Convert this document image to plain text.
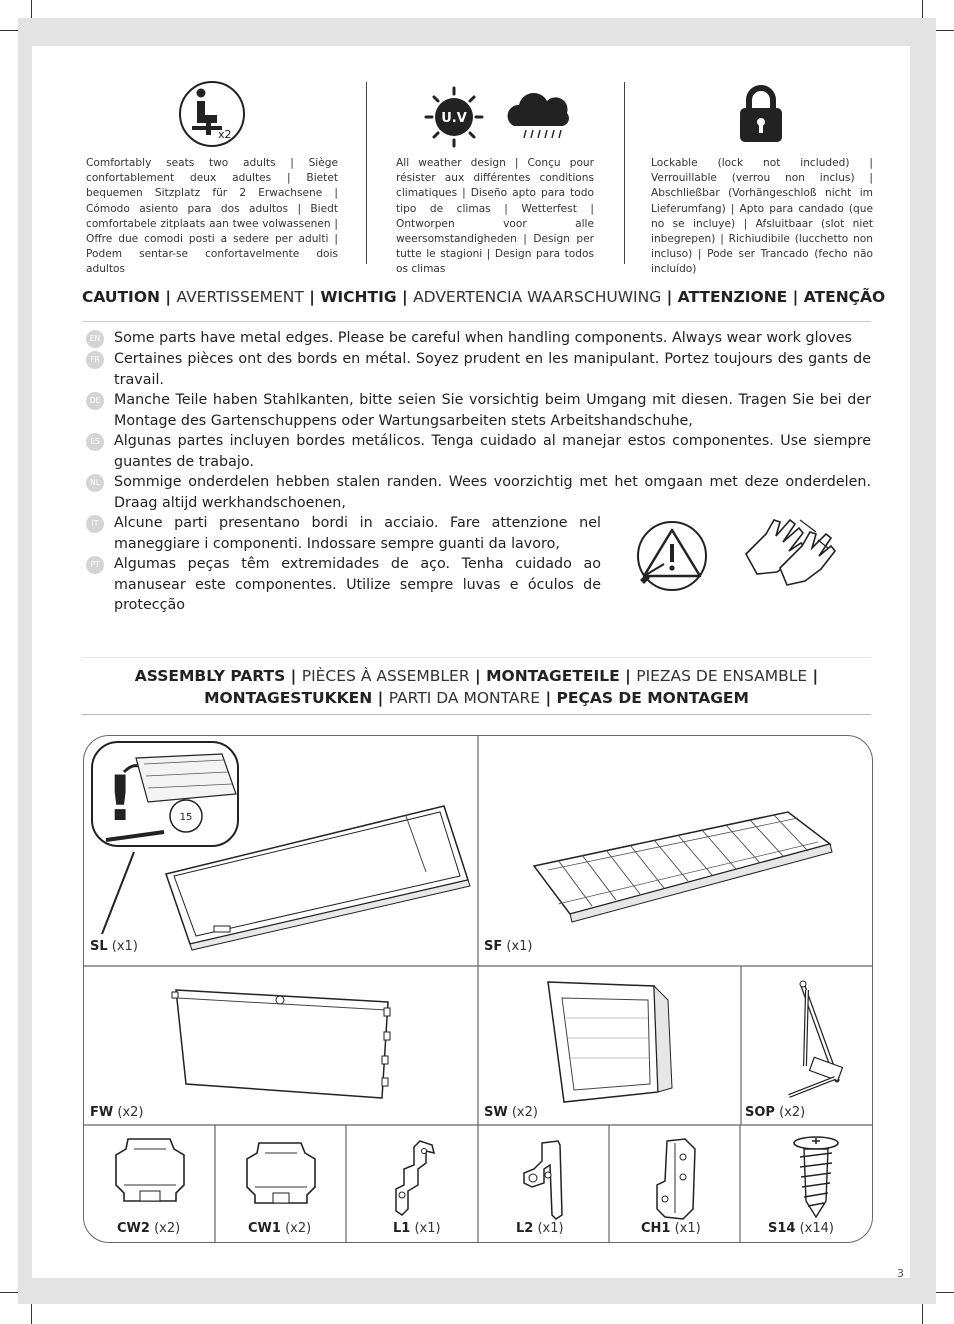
x2
Comfortably seats two adults | Siège confortablement deux adultes | Bietet bequemen Sitzplatz für 2 Erwachsene | Cómodo asiento para dos adultos | Biedt comfortabele zitplaats aan twee volwassenen | Offre due comodi posti a sedere per adulti | Podem sentar-se confortavelmente dois adultos
U.V
All weather design | Conçu pour résister aux différentes conditions climatiques | Diseño apto para todo tipo de climas | Wetterfest | Ontworpen voor alle weersomstandigheden | Design per tutte le stagioni | Design para todos os climas
Lockable (lock not included) | Verrouillable (verrou non inclus) | Abschließbar (Vorhängeschloß nicht im Lieferumfang) | Apto para candado (que no se incluye) | Afsluitbaar (slot niet inbegrepen) | Richiudibile (lucchetto non incluso) | Pode ser Trancado (fecho não incluído)
CAUTION | AVERTISSEMENT | WICHTIG | ADVERTENCIA WAARSCHUWING | ATTENZIONE | ATENÇÃO
EN Some parts have metal edges. Please be careful when handling components. Always wear work gloves
FR Certaines pièces ont des bords en métal. Soyez prudent en les manipulant. Portez toujours des gants de travail.
DE Manche Teile haben Stahlkanten, bitte seien Sie vorsichtig beim Umgang mit diesen. Tragen Sie bei der Montage des Gartenschuppens oder Wartungsarbeiten stets Arbeitshandschuhe,
ES Algunas partes incluyen bordes metálicos. Tenga cuidado al manejar estos componentes. Use siempre guantes de trabajo.
NL Sommige onderdelen hebben stalen randen. Wees voorzichtig met het omgaan met deze onderdelen. Draag altijd werkhandschoenen,
IT	Alcune parti presentano bordi in acciaio. Fare attenzione nel maneggiare i componenti. Indossare sempre guanti da lavoro,
PT	Algumas peças têm extremidades de aço. Tenha cuidado ao manusear este componentes. Utilize sempre luvas e óculos de protecção
ASSEMBLY PARTS | PIÈCES À ASSEMBLER | MONTAGETEILE | PIEZAS DE ENSAMBLE |
MONTAGESTUKKEN | PARTI DA MONTARE | PEÇAS DE MONTAGEM
!	15
SL (x1)	SF (x1)
FW (x2)	SW (x2)	SOP (x2)
CW2 (x2)	CW1 (x2)	L1 (x1)	L2 (x1)	CH1 (x1)	S14 (x14)
3
